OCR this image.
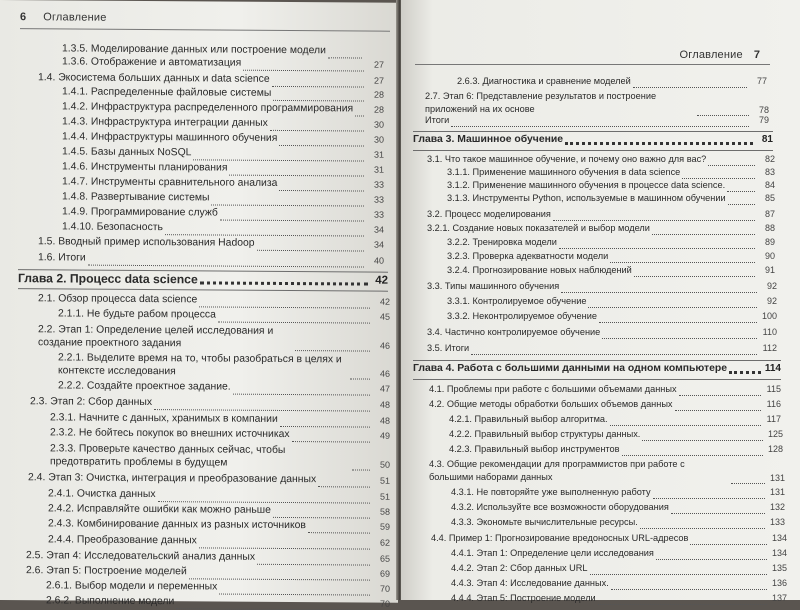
6 Оглавление
1.3.5. Моделирование данных или построение модели
1.3.6. Отображение и автоматизация	27
1.4. Экосистема больших данных и data science	27
1.4.1. Распределенные файловые системы	28
1.4.2. Инфраструктура распределенного программирования	28
1.4.3. Инфраструктура интеграции данных	30
1.4.4. Инфраструктуры машинного обучения	30
1.4.5. Базы данных NoSQL	31
1.4.6. Инструменты планирования	31
1.4.7. Инструменты сравнительного анализа	33
1.4.8. Развертывание системы	33
1.4.9. Программирование служб	33
1.4.10. Безопасность	34
1.5. Вводный пример использования Hadoop	34
1.6. Итоги	40
Глава 2. Процесс data science	42
2.1. Обзор процесса data science	42
2.1.1. Не будьте рабом процесса	45
2.2. Этап 1: Определение целей исследования и создание проектного задания	46
2.2.1. Выделите время на то, чтобы разобраться в целях и контексте исследования	46
2.2.2. Создайте проектное задание.	47
2.3. Этап 2: Сбор данных	48
2.3.1. Начните с данных, хранимых в компании	48
2.3.2. Не бойтесь покупок во внешних источниках	49
2.3.3. Проверьте качество данных сейчас, чтобы предотвратить проблемы в будущем	50
2.4. Этап 3: Очистка, интеграция и преобразование данных	51
2.4.1. Очистка данных	51
2.4.2. Исправляйте ошибки как можно раньше	58
2.4.3. Комбинирование данных из разных источников	59
2.4.4. Преобразование данных	62
2.5. Этап 4: Исследовательский анализ данных	65
2.6. Этап 5: Построение моделей	69
2.6.1. Выбор модели и переменных	70
2.6.2. Выполнение модели	70
Оглавление 7
2.6.3. Диагностика и сравнение моделей	77
2.7. Этап 6: Представление результатов и построение приложений на их основе	78
Итоги	79
Глава 3. Машинное обучение	81
3.1. Что такое машинное обучение, и почему оно важно для вас?	82
3.1.1. Применение машинного обучения в data science	83
3.1.2. Применение машинного обучения в процессе data science.	84
3.1.3. Инструменты Python, используемые в машинном обучении	85
3.2. Процесс моделирования	87
3.2.1. Создание новых показателей и выбор модели	88
3.2.2. Тренировка модели	89
3.2.3. Проверка адекватности модели	90
3.2.4. Прогнозирование новых наблюдений	91
3.3. Типы машинного обучения	92
3.3.1. Контролируемое обучение	92
3.3.2. Неконтролируемое обучение	100
3.4. Частично контролируемое обучение	110
3.5. Итоги	112
Глава 4. Работа с большими данными на одном компьютере	114
4.1. Проблемы при работе с большими объемами данных	115
4.2. Общие методы обработки больших объемов данных	116
4.2.1. Правильный выбор алгоритма.	117
4.2.2. Правильный выбор структуры данных.	125
4.2.3. Правильный выбор инструментов	128
4.3. Общие рекомендации для программистов при работе с большими наборами данных	131
4.3.1. Не повторяйте уже выполненную работу	131
4.3.2. Используйте все возможности оборудования	132
4.3.3. Экономьте вычислительные ресурсы.	133
4.4. Пример 1: Прогнозирование вредоносных URL-адресов	134
4.4.1. Этап 1: Определение цели исследования	134
4.4.2. Этап 2: Сбор данных URL	135
4.4.3. Этап 4: Исследование данных.	136
4.4.4. Этап 5: Построение модели	137
